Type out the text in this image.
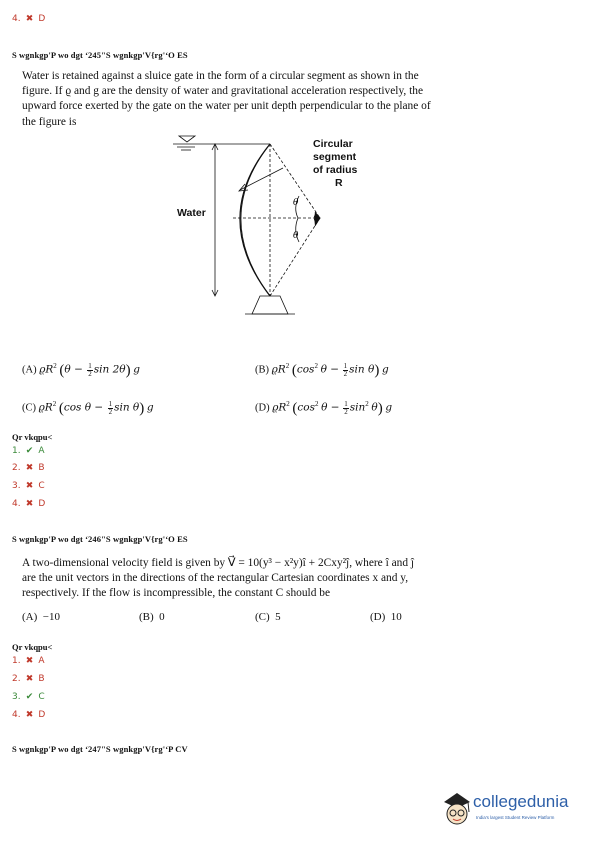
4. ✖ D
S wgnkgp'P wo dgt ‘245"S wgnkgp'V{rg'‘O ES
Water is retained against a sluice gate in the form of a circular segment as shown in the
figure. If ϱ and g are the density of water and gravitational acceleration respectively, the
upward force exerted by the gate on the water per unit depth perpendicular to the plane of
the figure is
θ
θ
Water
Circular
segment
of radius
R
(A) $ϱR^2$ ($\theta - \frac{1}{2}$ sin 2θ) g	(B) $ϱR^2$ ($\cos^2$ $\theta - \frac{1}{2}$ sin θ) g
(C) $ϱR^2$ (cos $\theta - \frac{1}{2}$ sin θ) g	(D) $ϱR^2$ ($\cos^2$ $\theta - \frac{1}{2} \sin^2 \theta$) g
Qr vkqpu<
1. ✔ A
2. ✖ B
3. ✖ C
4. ✖ D
S wgnkgp'P wo dgt ‘246"S wgnkgp'V{rg'‘O ES
A two-dimensional velocity field is given by V⃗ = 10(y³ − x²y)î + 2Cxy²ĵ, where î and ĵ
are the unit vectors in the directions of the rectangular Cartesian coordinates x and y,
respectively. If the flow is incompressible, the constant C should be
(A) −10	(B) 0	(C) 5	(D) 10
Qr vkqpu<
1. ✖ A
2. ✖ B
3. ✔ C
4. ✖ D
S wgnkgp'P wo dgt ‘247"S wgnkgp'V{rg'‘P CV
collegedunia
India's largest Student Review Platform
